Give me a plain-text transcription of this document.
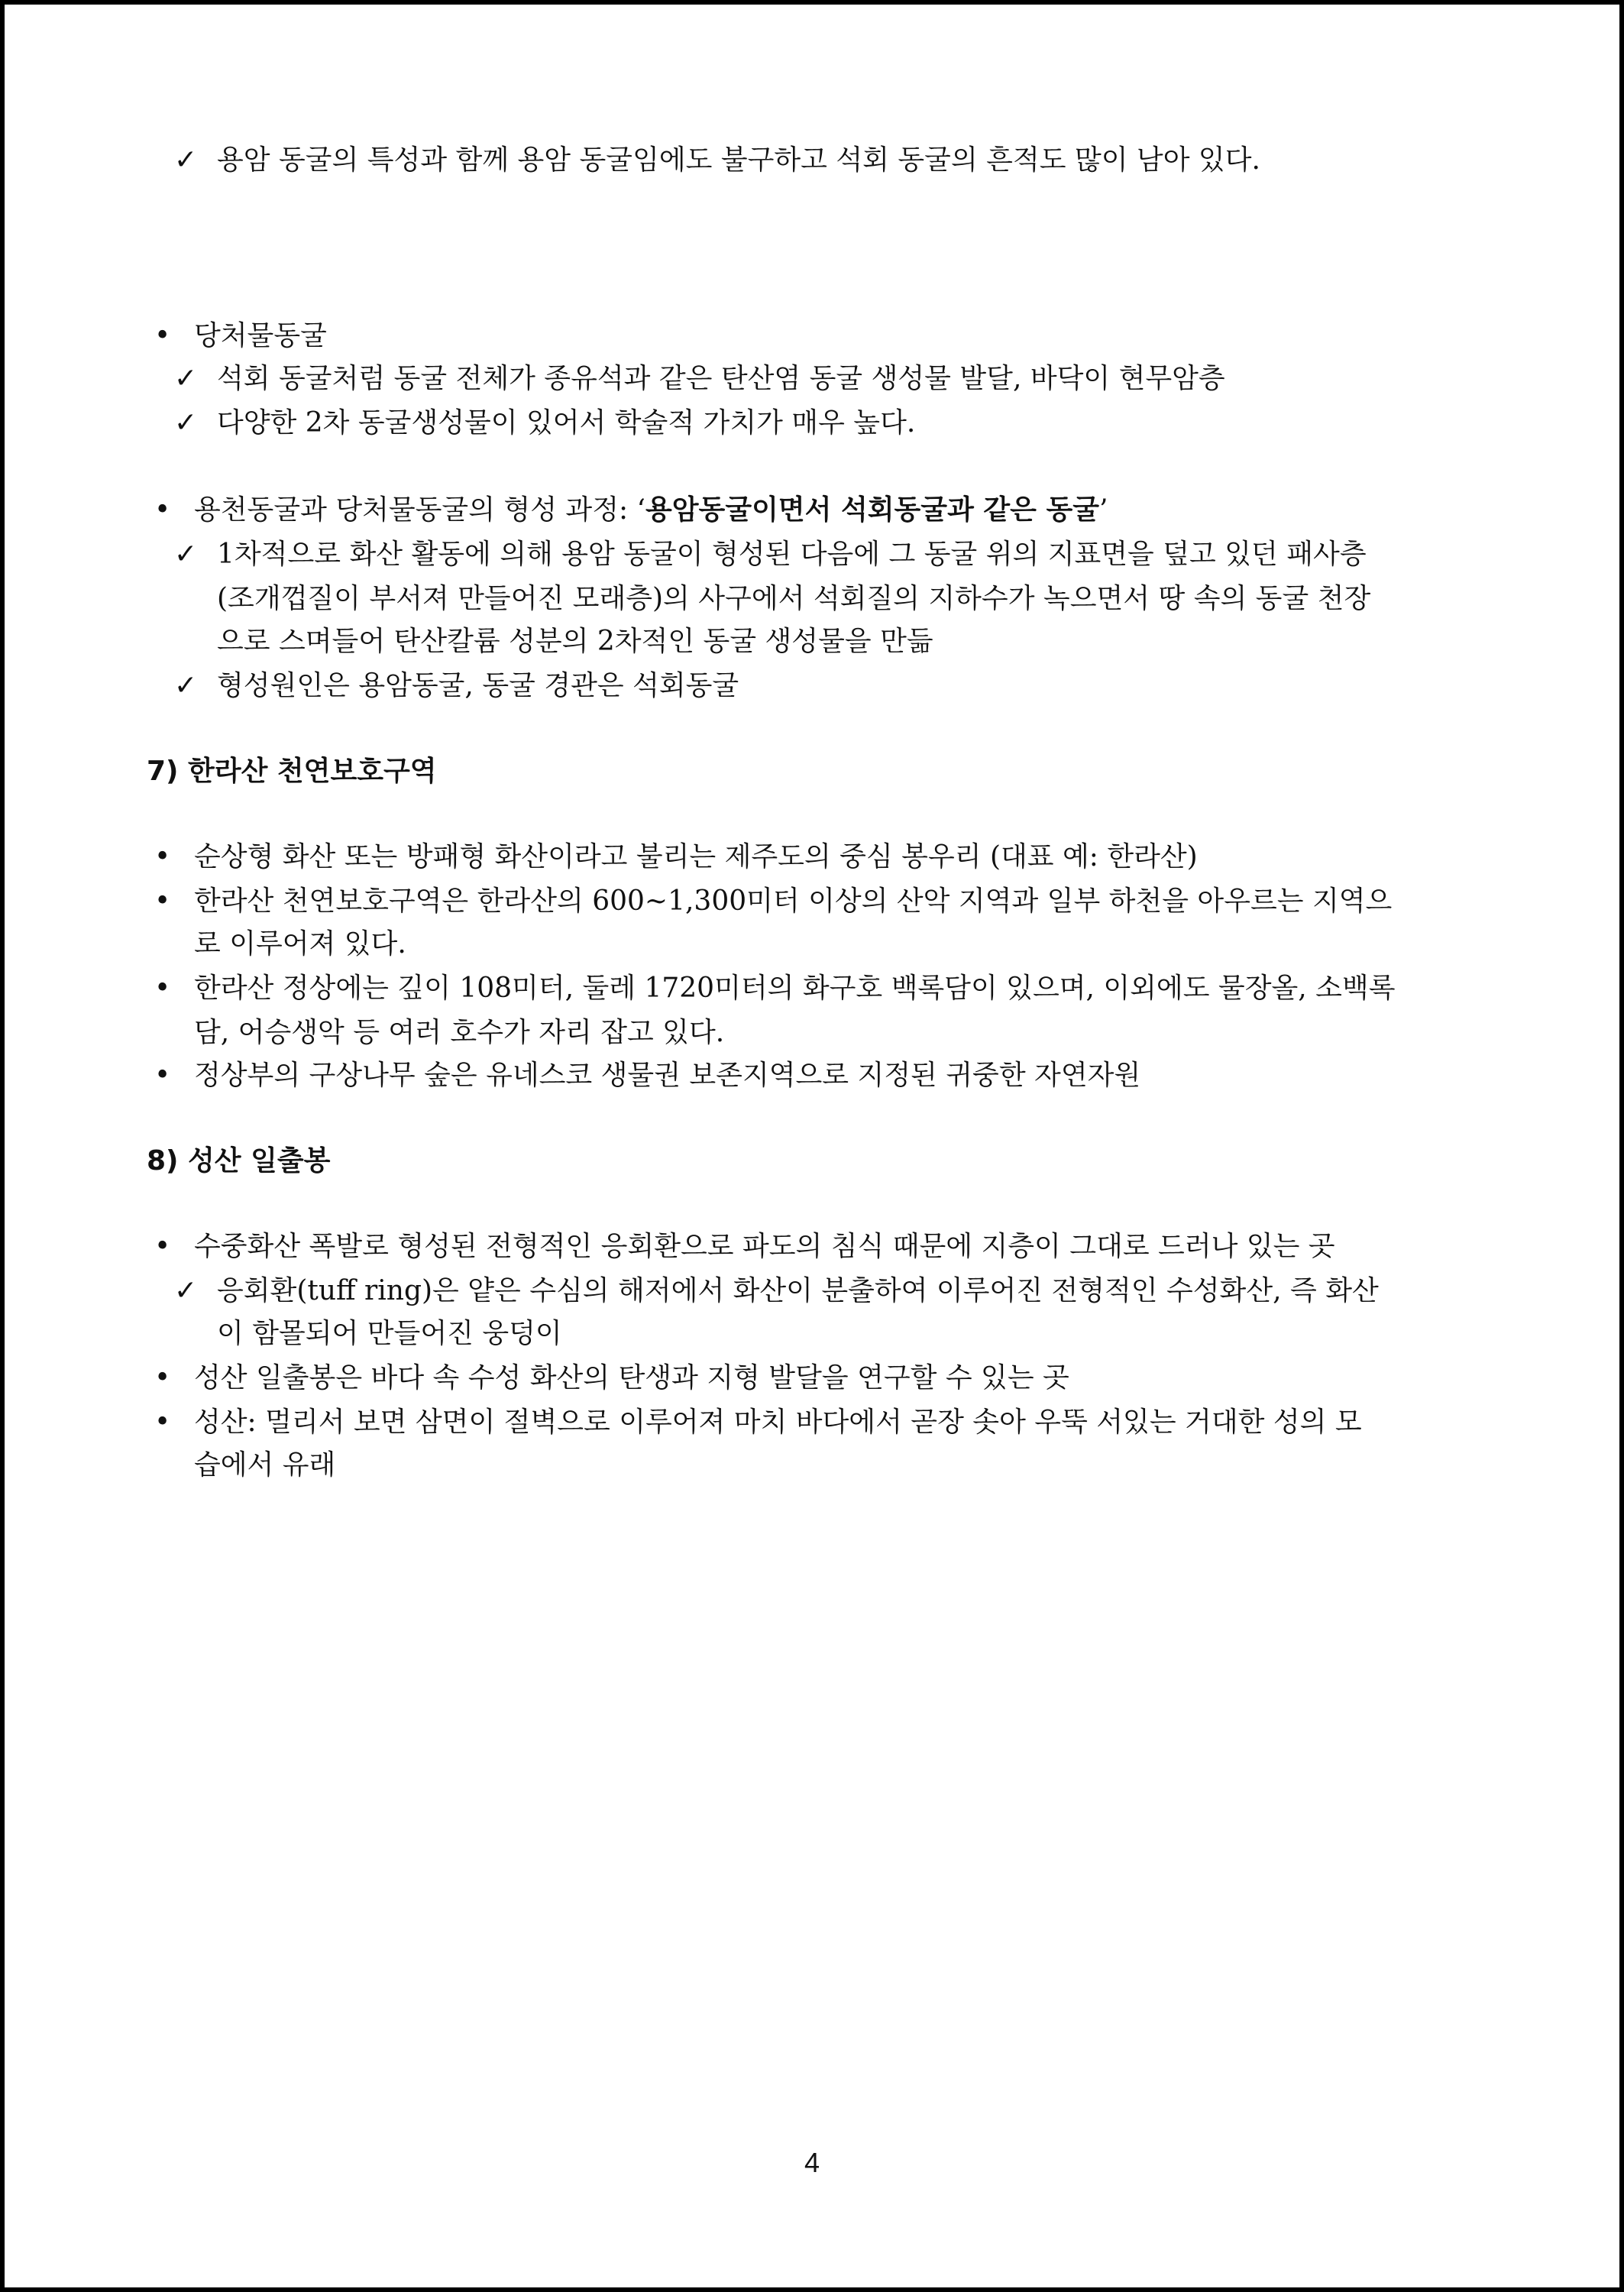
✓ 용암 동굴의 특성과 함께 용암 동굴임에도 불구하고 석회 동굴의 흔적도 많이 남아 있다.
• 당처물동굴
✓ 석회 동굴처럼 동굴 전체가 종유석과 같은 탄산염 동굴 생성물 발달, 바닥이 현무암층
✓ 다양한 2차 동굴생성물이 있어서 학술적 가치가 매우 높다.
• 용천동굴과 당처물동굴의 형성 과정: ‘용암동굴이면서 석회동굴과 같은 동굴’
✓ 1차적으로 화산 활동에 의해 용암 동굴이 형성된 다음에 그 동굴 위의 지표면을 덮고 있던 패사층
(조개껍질이 부서져 만들어진 모래층)의 사구에서 석회질의 지하수가 녹으면서 땅 속의 동굴 천장
으로 스며들어 탄산칼륨 성분의 2차적인 동굴 생성물을 만듦
✓ 형성원인은 용암동굴, 동굴 경관은 석회동굴
7) 한라산 천연보호구역
• 순상형 화산 또는 방패형 화산이라고 불리는 제주도의 중심 봉우리 (대표 예: 한라산)
• 한라산 천연보호구역은 한라산의 600∼1,300미터 이상의 산악 지역과 일부 하천을 아우르는 지역으
로 이루어져 있다.
• 한라산 정상에는 깊이 108미터, 둘레 1720미터의 화구호 백록담이 있으며, 이외에도 물장올, 소백록
담, 어승생악 등 여러 호수가 자리 잡고 있다.
• 정상부의 구상나무 숲은 유네스코 생물권 보존지역으로 지정된 귀중한 자연자원
8) 성산 일출봉
• 수중화산 폭발로 형성된 전형적인 응회환으로 파도의 침식 때문에 지층이 그대로 드러나 있는 곳
✓ 응회환(tuff ring)은 얕은 수심의 해저에서 화산이 분출하여 이루어진 전형적인 수성화산, 즉 화산
이 함몰되어 만들어진 웅덩이
• 성산 일출봉은 바다 속 수성 화산의 탄생과 지형 발달을 연구할 수 있는 곳
• 성산: 멀리서 보면 삼면이 절벽으로 이루어져 마치 바다에서 곧장 솟아 우뚝 서있는 거대한 성의 모
습에서 유래
4
